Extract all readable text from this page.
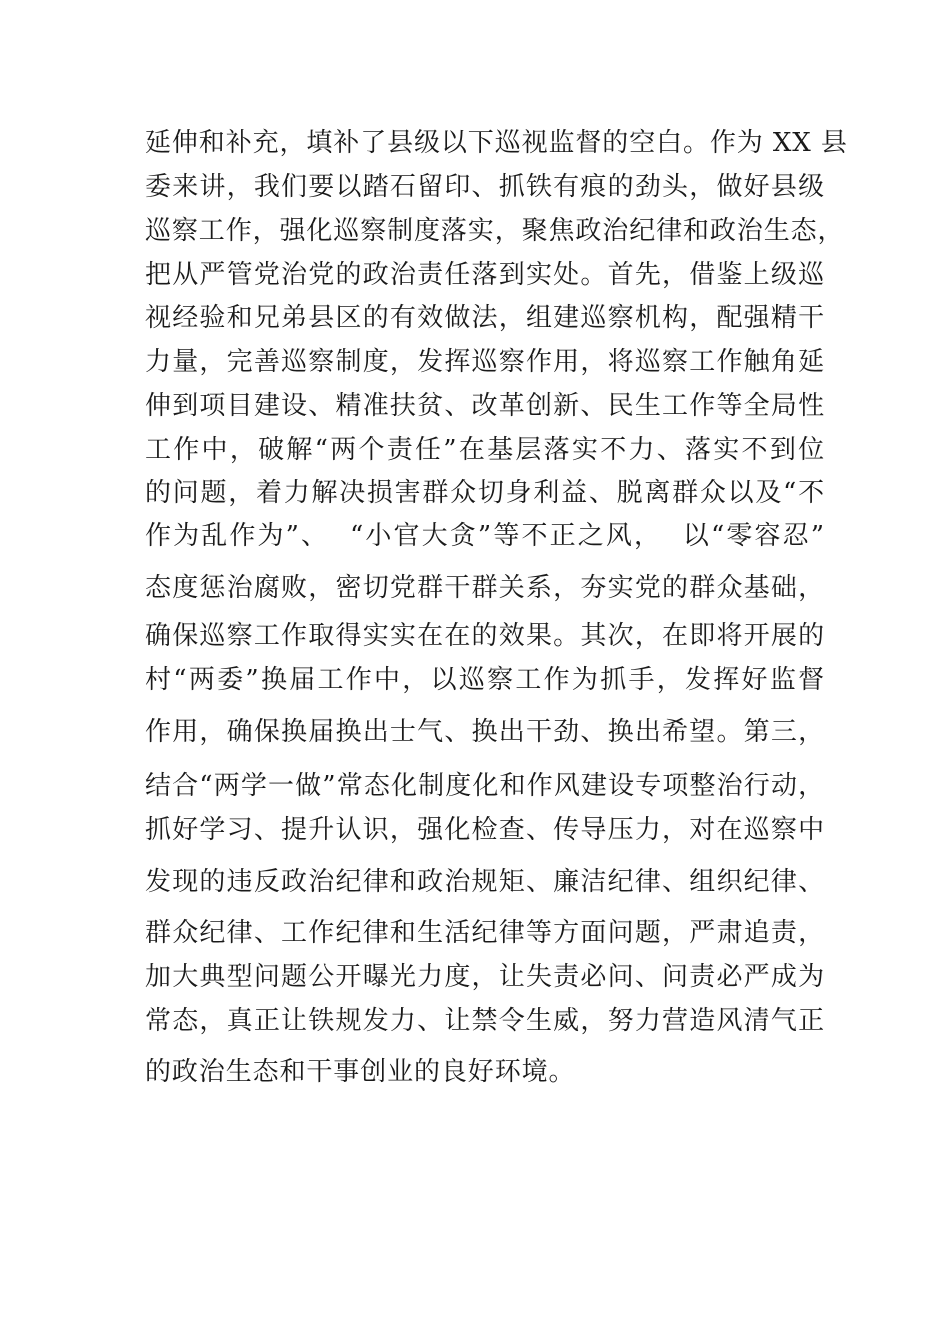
延伸和补充，填补了县级以下巡视监督的空白。作为 XX 县
委来讲，我们要以踏石留印、抓铁有痕的劲头，做好县级
巡察工作，强化巡察制度落实，聚焦政治纪律和政治生态，
把从严管党治党的政治责任落到实处。首先，借鉴上级巡
视经验和兄弟县区的有效做法，组建巡察机构，配强精干
力量，完善巡察制度，发挥巡察作用，将巡察工作触角延
伸到项目建设、精准扶贫、改革创新、民生工作等全局性
工作中，破解“两个责任”在基层落实不力、落实不到位
的问题，着力解决损害群众切身利益、脱离群众以及“不
作为乱作为”、  “小官大贪”等不正之风，  以“零容忍”
态度惩治腐败，密切党群干群关系，夯实党的群众基础，
确保巡察工作取得实实在在的效果。其次，在即将开展的
村“两委”换届工作中，以巡察工作为抓手，发挥好监督
作用，确保换届换出士气、换出干劲、换出希望。第三，
结合“两学一做”常态化制度化和作风建设专项整治行动，
抓好学习、提升认识，强化检查、传导压力，对在巡察中
发现的违反政治纪律和政治规矩、廉洁纪律、组织纪律、
群众纪律、工作纪律和生活纪律等方面问题，严肃追责，
加大典型问题公开曝光力度，让失责必问、问责必严成为
常态，真正让铁规发力、让禁令生威，努力营造风清气正
的政治生态和干事创业的良好环境。
